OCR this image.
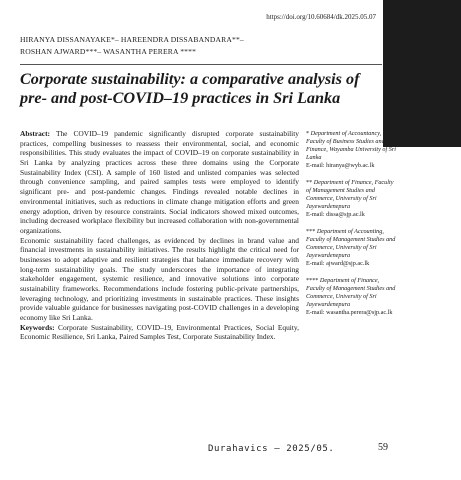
https://doi.org/10.60684/dk.2025.05.07
HIRANYA DISSANAYAKE*– HAREENDRA DISSABANDARA**–
ROSHAN AJWARD***– WASANTHA PERERA ****
Corporate sustainability: a comparative analysis of pre- and post-COVID–19 practices in Sri Lanka

Abstract: The COVID–19 pandemic significantly disrupted corporate sustainability practices, compelling businesses to reassess their environmental, social, and economic responsibilities. This study evaluates the impact of COVID–19 on corporate sustainability in Sri Lanka by analyzing practices across these three domains using the Corporate Sustainability Index (CSI). A sample of 160 listed and unlisted companies was selected through convenience sampling, and paired samples tests were employed to identify significant pre- and post-pandemic changes. Findings revealed notable declines in environmental initiatives, such as reductions in climate change mitigation efforts and green energy adoption, driven by resource constraints. Social indicators showed mixed outcomes, including decreased workplace flexibility but increased collaboration with non-governmental organizations.

Economic sustainability faced challenges, as evidenced by declines in brand value and financial investments in sustainability initiatives. The results highlight the critical need for businesses to adopt adaptive and resilient strategies that balance immediate recovery with long-term sustainability goals. The study underscores the importance of integrating stakeholder engagement, systemic resilience, and innovative solutions into corporate sustainability frameworks. Recommendations include fostering public-private partnerships, leveraging technology, and prioritizing investments in sustainable practices. These insights provide valuable guidance for businesses navigating post-COVID challenges in a developing economy like Sri Lanka.

Keywords: Corporate Sustainability, COVID–19, Environmental Practices, Social Equity, Economic Resilience, Sri Lanka, Paired Samples Test, Corporate Sustainability Index.

* Department of Accountancy, Faculty of Business Studies and Finance, Wayamba University of Sri Lanka
E-mail: hiranya@wyb.ac.lk
** Department of Finance, Faculty of Management Studies and Commerce, University of Sri Jayewardenepura
E-mail: dissa@sjp.ac.lk
*** Department of Accounting, Faculty of Management Studies and Commerce, University of Sri Jayewardenepura
E-mail: ajward@sjp.ac.lk
**** Department of Finance, Faculty of Management Studies and Commerce, University of Sri Jayewardenepura
E-mail: wasantha.perera@sjp.ac.lk
Durahavics – 2025/05.	59
